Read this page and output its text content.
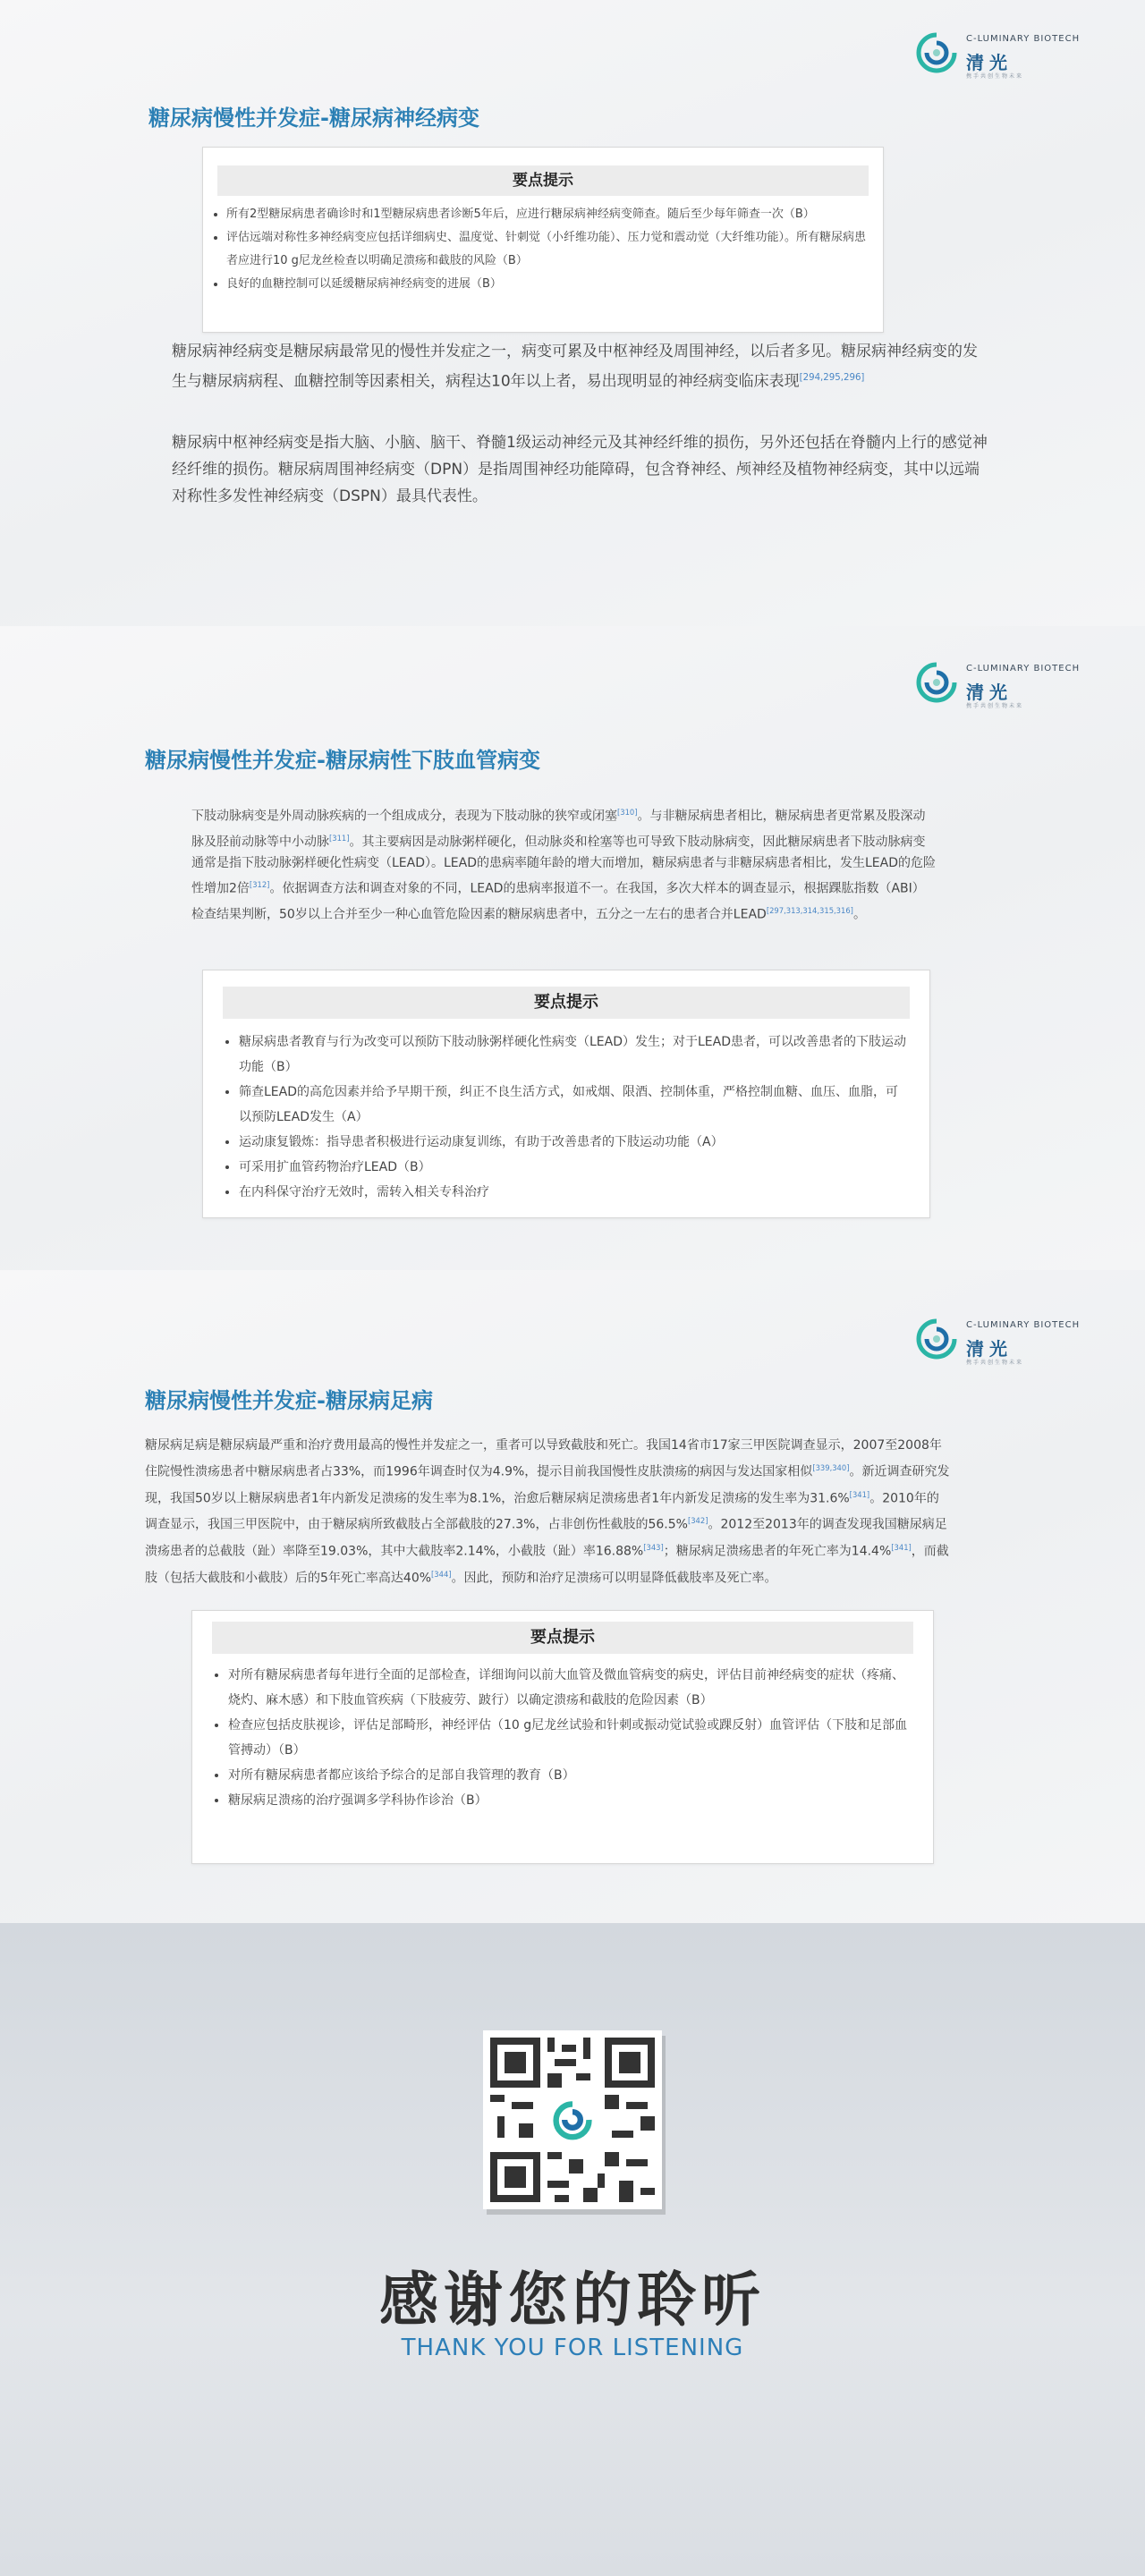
C-LUMINARY BIOTECH
清光
携手共创生物未来
糖尿病慢性并发症-糖尿病神经病变
要点提示
• 所有2型糖尿病患者确诊时和1型糖尿病患者诊断5年后，应进行糖尿病神经病变筛查。随后至少每年筛查一次（B）
• 评估远端对称性多神经病变应包括详细病史、温度觉、针刺觉（小纤维功能）、压力觉和震动觉（大纤维功能）。所有糖尿病患者应进行10 g尼龙丝检查以明确足溃疡和截肢的风险（B）
• 良好的血糖控制可以延缓糖尿病神经病变的进展（B）
糖尿病神经病变是糖尿病最常见的慢性并发症之一，病变可累及中枢神经及周围神经，以后者多见。糖尿病神经病变的发生与糖尿病病程、血糖控制等因素相关，病程达10年以上者，易出现明显的神经病变临床表现[294,295,296]
糖尿病中枢神经病变是指大脑、小脑、脑干、脊髓1级运动神经元及其神经纤维的损伤，另外还包括在脊髓内上行的感觉神经纤维的损伤。糖尿病周围神经病变（DPN）是指周围神经功能障碍，包含脊神经、颅神经及植物神经病变，其中以远端对称性多发性神经病变（DSPN）最具代表性。
C-LUMINARY BIOTECH
清光
携手共创生物未来
糖尿病慢性并发症-糖尿病性下肢血管病变
下肢动脉病变是外周动脉疾病的一个组成成分，表现为下肢动脉的狭窄或闭塞[310]。与非糖尿病患者相比，糖尿病患者更常累及股深动脉及胫前动脉等中小动脉[311]。其主要病因是动脉粥样硬化，但动脉炎和栓塞等也可导致下肢动脉病变，因此糖尿病患者下肢动脉病变通常是指下肢动脉粥样硬化性病变（LEAD）。LEAD的患病率随年龄的增大而增加，糖尿病患者与非糖尿病患者相比，发生LEAD的危险性增加2倍[312]。依据调查方法和调查对象的不同，LEAD的患病率报道不一。在我国，多次大样本的调查显示，根据踝肱指数（ABI）检查结果判断，50岁以上合并至少一种心血管危险因素的糖尿病患者中，五分之一左右的患者合并LEAD[297,313,314,315,316]。
要点提示
• 糖尿病患者教育与行为改变可以预防下肢动脉粥样硬化性病变（LEAD）发生；对于LEAD患者，可以改善患者的下肢运动功能（B）
• 筛查LEAD的高危因素并给予早期干预，纠正不良生活方式，如戒烟、限酒、控制体重，严格控制血糖、血压、血脂，可以预防LEAD发生（A）
• 运动康复锻炼：指导患者积极进行运动康复训练，有助于改善患者的下肢运动功能（A）
• 可采用扩血管药物治疗LEAD（B）
• 在内科保守治疗无效时，需转入相关专科治疗
C-LUMINARY BIOTECH
清光
携手共创生物未来
糖尿病慢性并发症-糖尿病足病
糖尿病足病是糖尿病最严重和治疗费用最高的慢性并发症之一，重者可以导致截肢和死亡。我国14省市17家三甲医院调查显示，2007至2008年住院慢性溃疡患者中糖尿病患者占33%，而1996年调查时仅为4.9%，提示目前我国慢性皮肤溃疡的病因与发达国家相似[339,340]。新近调查研究发现，我国50岁以上糖尿病患者1年内新发足溃疡的发生率为8.1%，治愈后糖尿病足溃疡患者1年内新发足溃疡的发生率为31.6%[341]。2010年的调查显示，我国三甲医院中，由于糖尿病所致截肢占全部截肢的27.3%，占非创伤性截肢的56.5%[342]。2012至2013年的调查发现我国糖尿病足溃疡患者的总截肢（趾）率降至19.03%，其中大截肢率2.14%，小截肢（趾）率16.88%[343]；糖尿病足溃疡患者的年死亡率为14.4%[341]，而截肢（包括大截肢和小截肢）后的5年死亡率高达40%[344]。因此，预防和治疗足溃疡可以明显降低截肢率及死亡率。
要点提示
• 对所有糖尿病患者每年进行全面的足部检查，详细询问以前大血管及微血管病变的病史，评估目前神经病变的症状（疼痛、烧灼、麻木感）和下肢血管疾病（下肢疲劳、跛行）以确定溃疡和截肢的危险因素（B）
• 检查应包括皮肤视诊，评估足部畸形，神经评估（10 g尼龙丝试验和针刺或振动觉试验或踝反射）血管评估（下肢和足部血管搏动）（B）
• 对所有糖尿病患者都应该给予综合的足部自我管理的教育（B）
• 糖尿病足溃疡的治疗强调多学科协作诊治（B）
感谢您的聆听
THANK YOU FOR LISTENING
